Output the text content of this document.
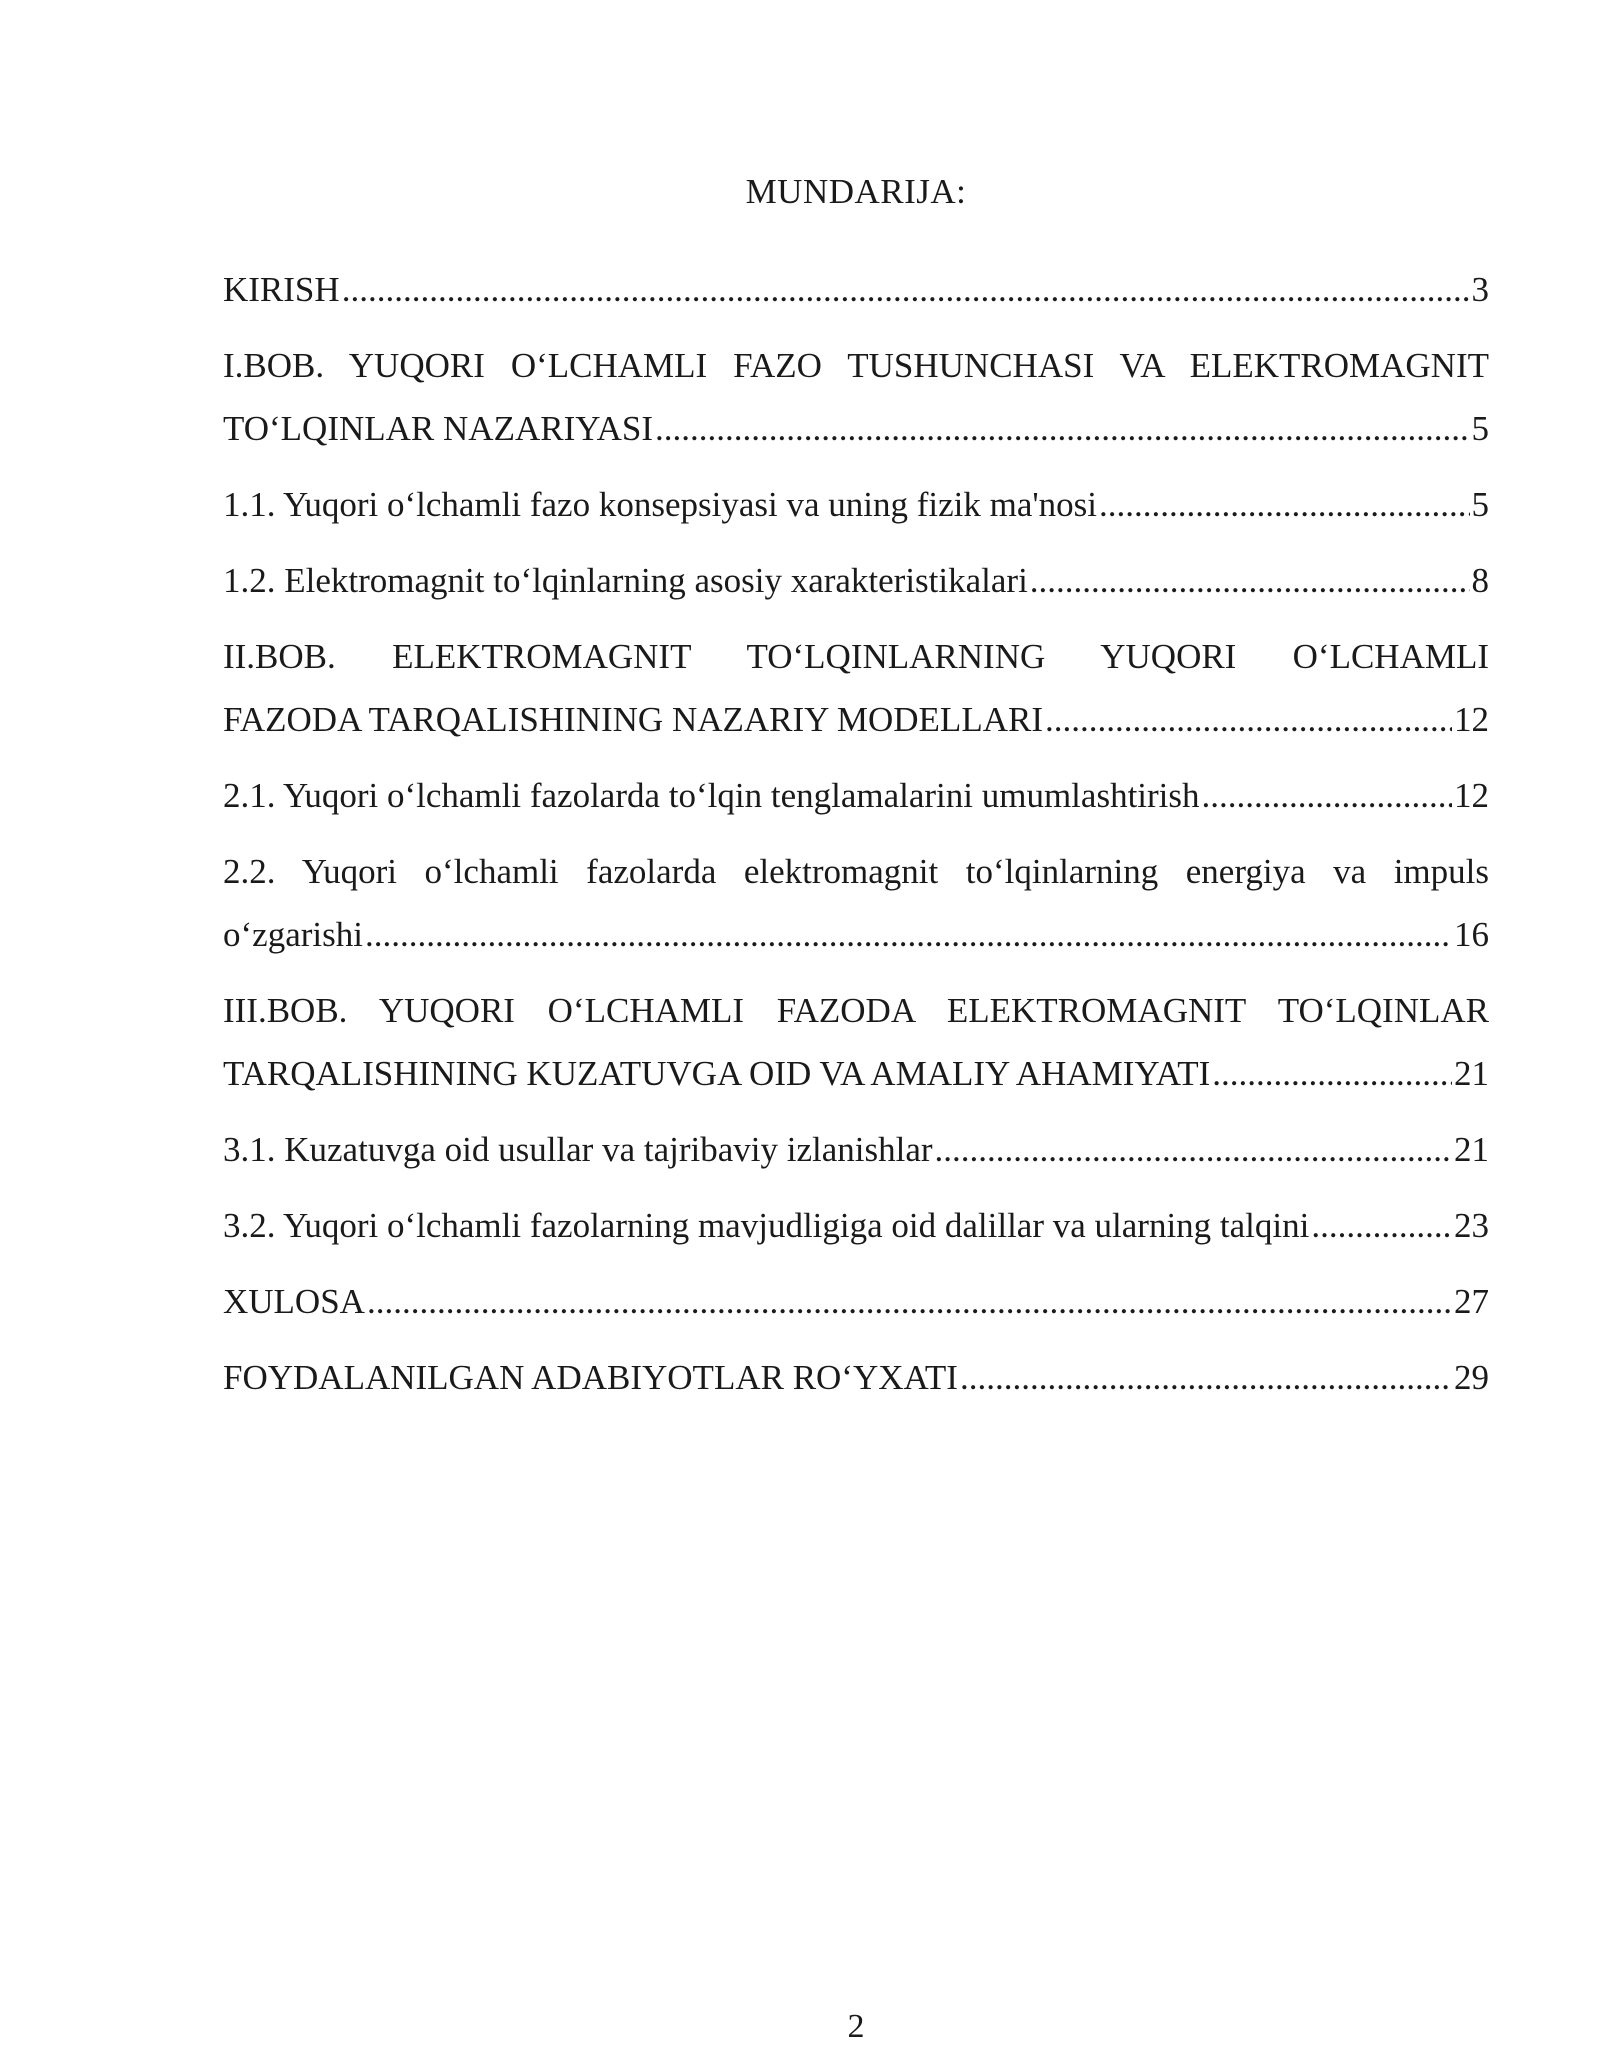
MUNDARIJA:
KIRISH .....	3
I.BOB. YUQORI O‘LCHAMLI FAZO TUSHUNCHASI VA ELEKTROMAGNIT
TO‘LQINLAR NAZARIYASI .....	5
1.1. Yuqori o‘lchamli fazo konsepsiyasi va uning fizik ma'nosi .....	5
1.2. Elektromagnit to‘lqinlarning asosiy xarakteristikalari .....	8
II.BOB. ELEKTROMAGNIT TO‘LQINLARNING YUQORI O‘LCHAMLI
FAZODA TARQALISHINING NAZARIY MODELLARI .....	12
2.1. Yuqori o‘lchamli fazolarda to‘lqin tenglamalarini umumlashtirish .....	12
2.2. Yuqori o‘lchamli fazolarda elektromagnit to‘lqinlarning energiya va impuls
o‘zgarishi .....	16
III.BOB. YUQORI O‘LCHAMLI FAZODA ELEKTROMAGNIT TO‘LQINLAR
TARQALISHINING KUZATUVGA OID VA AMALIY AHAMIYATI .....	21
3.1. Kuzatuvga oid usullar va tajribaviy izlanishlar .....	21
3.2. Yuqori o‘lchamli fazolarning mavjudligiga oid dalillar va ularning talqini .....	23
XULOSA .....	27
FOYDALANILGAN ADABIYOTLAR RO‘YXATI .....	29
2
